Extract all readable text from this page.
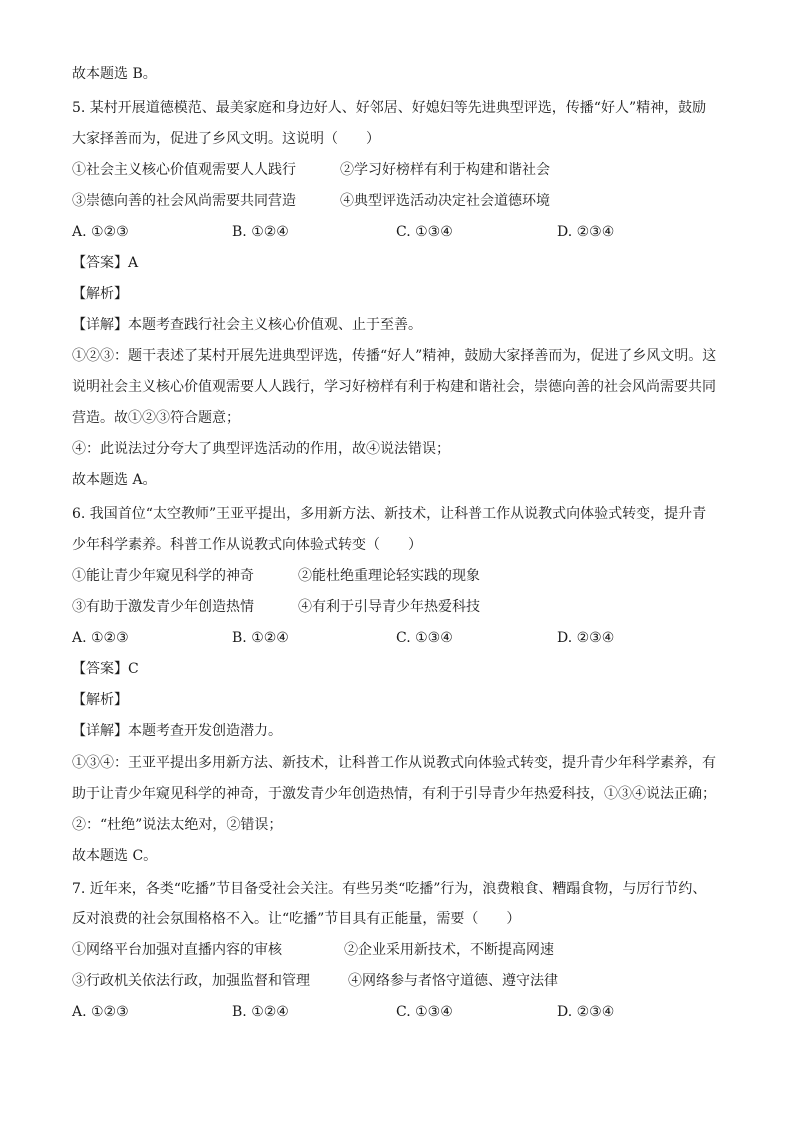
故本题选 B。
5. 某村开展道德模范、最美家庭和身边好人、好邻居、好媳妇等先进典型评选，传播“好人”精神，鼓励
大家择善而为，促进了乡风文明。这说明（　　）
①社会主义核心价值观需要人人践行	②学习好榜样有利于构建和谐社会
③崇德向善的社会风尚需要共同营造	④典型评选活动决定社会道德环境
A. ①②③	B. ①②④	C. ①③④	D. ②③④
【答案】A
【解析】
【详解】本题考查践行社会主义核心价值观、止于至善。
①②③：题干表述了某村开展先进典型评选，传播“好人”精神，鼓励大家择善而为，促进了乡风文明。这
说明社会主义核心价值观需要人人践行，学习好榜样有利于构建和谐社会，崇德向善的社会风尚需要共同
营造。故①②③符合题意；
④：此说法过分夸大了典型评选活动的作用，故④说法错误；
故本题选 A。
6. 我国首位“太空教师”王亚平提出，多用新方法、新技术，让科普工作从说教式向体验式转变，提升青
少年科学素养。科普工作从说教式向体验式转变（　　）
①能让青少年窥见科学的神奇	②能杜绝重理论轻实践的现象
③有助于激发青少年创造热情	④有利于引导青少年热爱科技
A. ①②③	B. ①②④	C. ①③④	D. ②③④
【答案】C
【解析】
【详解】本题考查开发创造潜力。
①③④：王亚平提出多用新方法、新技术，让科普工作从说教式向体验式转变，提升青少年科学素养，有
助于让青少年窥见科学的神奇，于激发青少年创造热情，有利于引导青少年热爱科技，①③④说法正确；
②：“杜绝”说法太绝对，②错误；
故本题选 C。
7. 近年来，各类“吃播”节目备受社会关注。有些另类“吃播”行为，浪费粮食、糟蹋食物，与厉行节约、
反对浪费的社会氛围格格不入。让“吃播”节目具有正能量，需要（　　）
①网络平台加强对直播内容的审核	②企业采用新技术，不断提高网速
③行政机关依法行政，加强监督和管理	④网络参与者恪守道德、遵守法律
A. ①②③	B. ①②④	C. ①③④	D. ②③④
